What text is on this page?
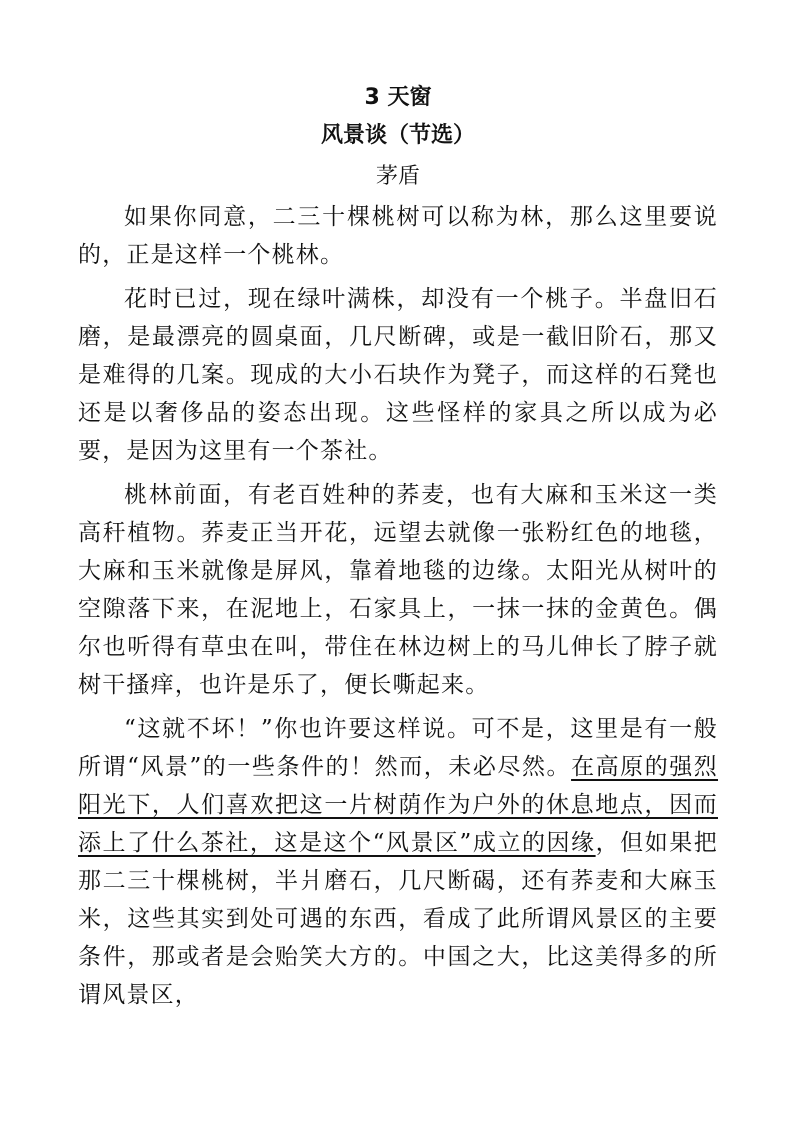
3 天窗
风景谈（节选）
茅盾

如果你同意，二三十棵桃树可以称为林，那么这里要说的，正是这样一个桃林。

花时已过，现在绿叶满株，却没有一个桃子。半盘旧石磨，是最漂亮的圆桌面，几尺断碑，或是一截旧阶石，那又是难得的几案。现成的大小石块作为凳子，而这样的石凳也还是以奢侈品的姿态出现。这些怪样的家具之所以成为必要，是因为这里有一个茶社。

桃林前面，有老百姓种的荞麦，也有大麻和玉米这一类高秆植物。荞麦正当开花，远望去就像一张粉红色的地毯，大麻和玉米就像是屏风，靠着地毯的边缘。太阳光从树叶的空隙落下来，在泥地上，石家具上，一抹一抹的金黄色。偶尔也听得有草虫在叫，带住在林边树上的马儿伸长了脖子就树干搔痒，也许是乐了，便长嘶起来。

“这就不坏！”你也许要这样说。可不是，这里是有一般所谓“风景”的一些条件的！然而，未必尽然。在高原的强烈阳光下，人们喜欢把这一片树荫作为户外的休息地点，因而添上了什么茶社，这是这个“风景区”成立的因缘，但如果把那二三十棵桃树，半爿磨石，几尺断碣，还有荞麦和大麻玉米，这些其实到处可遇的东西，看成了此所谓风景区的主要条件，那或者是会贻笑大方的。中国之大，比这美得多的所谓风景区，
